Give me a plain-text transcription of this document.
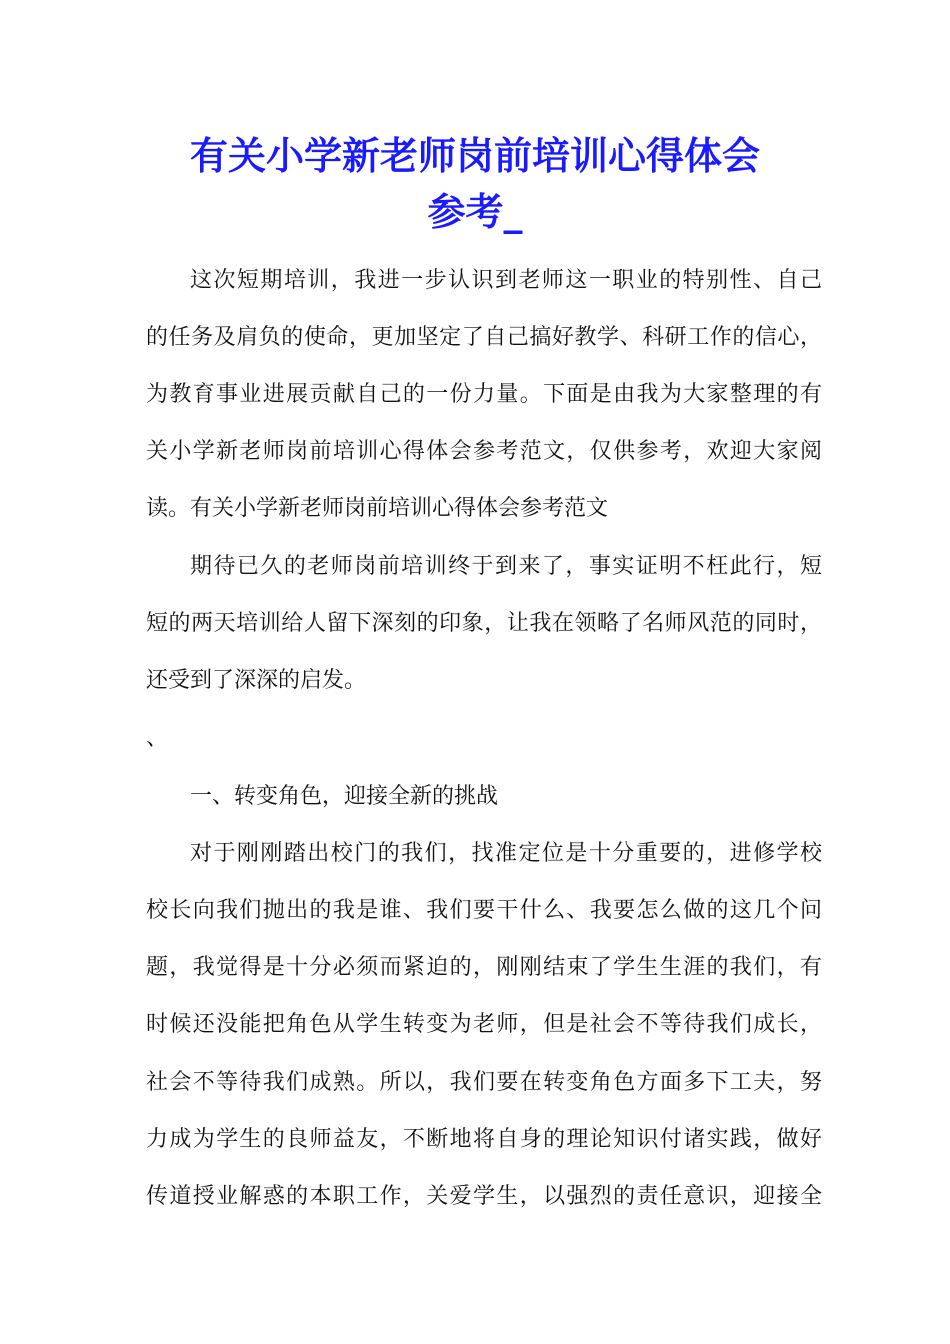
有关小学新老师岗前培训心得体会
参考_

这次短期培训，我进一步认识到老师这一职业的特别性、自己

的任务及肩负的使命，更加坚定了自己搞好教学、科研工作的信心，

为教育事业进展贡献自己的一份力量。下面是由我为大家整理的有

关小学新老师岗前培训心得体会参考范文，仅供参考，欢迎大家阅

读。有关小学新老师岗前培训心得体会参考范文

期待已久的老师岗前培训终于到来了，事实证明不枉此行，短

短的两天培训给人留下深刻的印象，让我在领略了名师风范的同时，

还受到了深深的启发。

、

一、转变角色，迎接全新的挑战

对于刚刚踏出校门的我们，找准定位是十分重要的，进修学校

校长向我们抛出的我是谁、我们要干什么、我要怎么做的这几个问

题，我觉得是十分必须而紧迫的，刚刚结束了学生生涯的我们，有

时候还没能把角色从学生转变为老师，但是社会不等待我们成长，

社会不等待我们成熟。所以，我们要在转变角色方面多下工夫，努

力成为学生的良师益友，不断地将自身的理论知识付诸实践，做好

传道授业解惑的本职工作，关爱学生，以强烈的责任意识，迎接全
